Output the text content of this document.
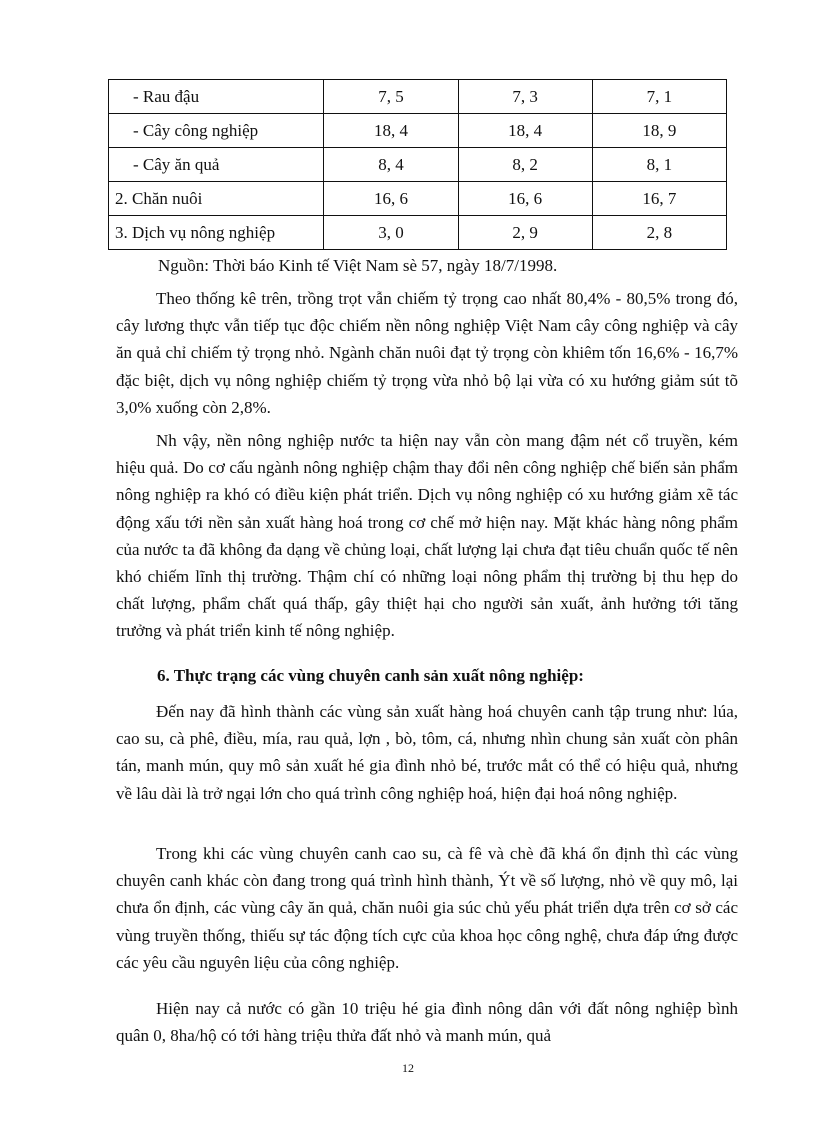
- Rau đậu	7, 5	7, 3	7, 1
- Cây công nghiệp	18, 4	18, 4	18, 9
- Cây ăn quả	8, 4	8, 2	8, 1
2. Chăn nuôi	16, 6	16, 6	16, 7
3. Dịch vụ nông nghiệp	3, 0	2, 9	2, 8
Nguồn: Thời báo Kinh tế Việt Nam sè 57, ngày 18/7/1998.

Theo thống kê trên, trồng trọt vẫn chiếm tỷ trọng cao nhất 80,4% - 80,5% trong đó, cây lương thực vẫn tiếp tục độc chiếm nền nông nghiệp Việt Nam cây công nghiệp và cây ăn quả chỉ chiếm tỷ trọng nhỏ. Ngành chăn nuôi đạt tỷ trọng còn khiêm tốn 16,6% - 16,7% đặc biệt, dịch vụ nông nghiệp chiếm tỷ trọng vừa nhỏ bộ lại vừa có xu hướng giảm sút tõ 3,0% xuống còn 2,8%.

Nh vậy, nền nông nghiệp nước ta hiện nay vẫn còn mang đậm nét cổ truyền, kém hiệu quả. Do cơ cấu ngành nông nghiệp chậm thay đổi nên công nghiệp chế biến sản phẩm nông nghiệp ra khó có điều kiện phát triển. Dịch vụ nông nghiệp có xu hướng giảm xẽ tác động xấu tới nền sản xuất hàng hoá trong cơ chế mở hiện nay. Mặt khác hàng nông phẩm của nước ta đã không đa dạng về chủng loại, chất lượng lại chưa đạt tiêu chuẩn quốc tế nên khó chiếm lĩnh thị trường. Thậm chí có những loại nông phẩm thị trường bị thu hẹp do chất lượng, phẩm chất quá thấp, gây thiệt hại cho người sản xuất, ảnh hưởng tới tăng trưởng và phát triển kinh tế nông nghiệp.

6. Thực trạng các vùng chuyên canh sản xuất nông nghiệp:

Đến nay đã hình thành các vùng sản xuất hàng hoá chuyên canh tập trung như: lúa, cao su, cà phê, điều, mía, rau quả, lợn , bò, tôm, cá, nhưng nhìn chung sản xuất còn phân tán, manh mún, quy mô sản xuất hé gia đình nhỏ bé, trước mắt có thể có hiệu quả, nhưng về lâu dài là trở ngại lớn cho quá trình công nghiệp hoá, hiện đại hoá nông nghiệp.

Trong khi các vùng chuyên canh cao su, cà fê và chè đã khá ổn định thì các vùng chuyên canh khác còn đang trong quá trình hình thành, Ýt về số lượng, nhỏ về quy mô, lại chưa ổn định, các vùng cây ăn quả, chăn nuôi gia súc chủ yếu phát triển dựa trên cơ sở các vùng truyền thống, thiếu sự tác động tích cực của khoa học công nghệ, chưa đáp ứng được các yêu cầu nguyên liệu của công nghiệp.

Hiện nay cả nước có gần 10 triệu hé gia đình nông dân với đất nông nghiệp bình quân 0, 8ha/hộ có tới hàng triệu thửa đất nhỏ và manh mún, quả

12
